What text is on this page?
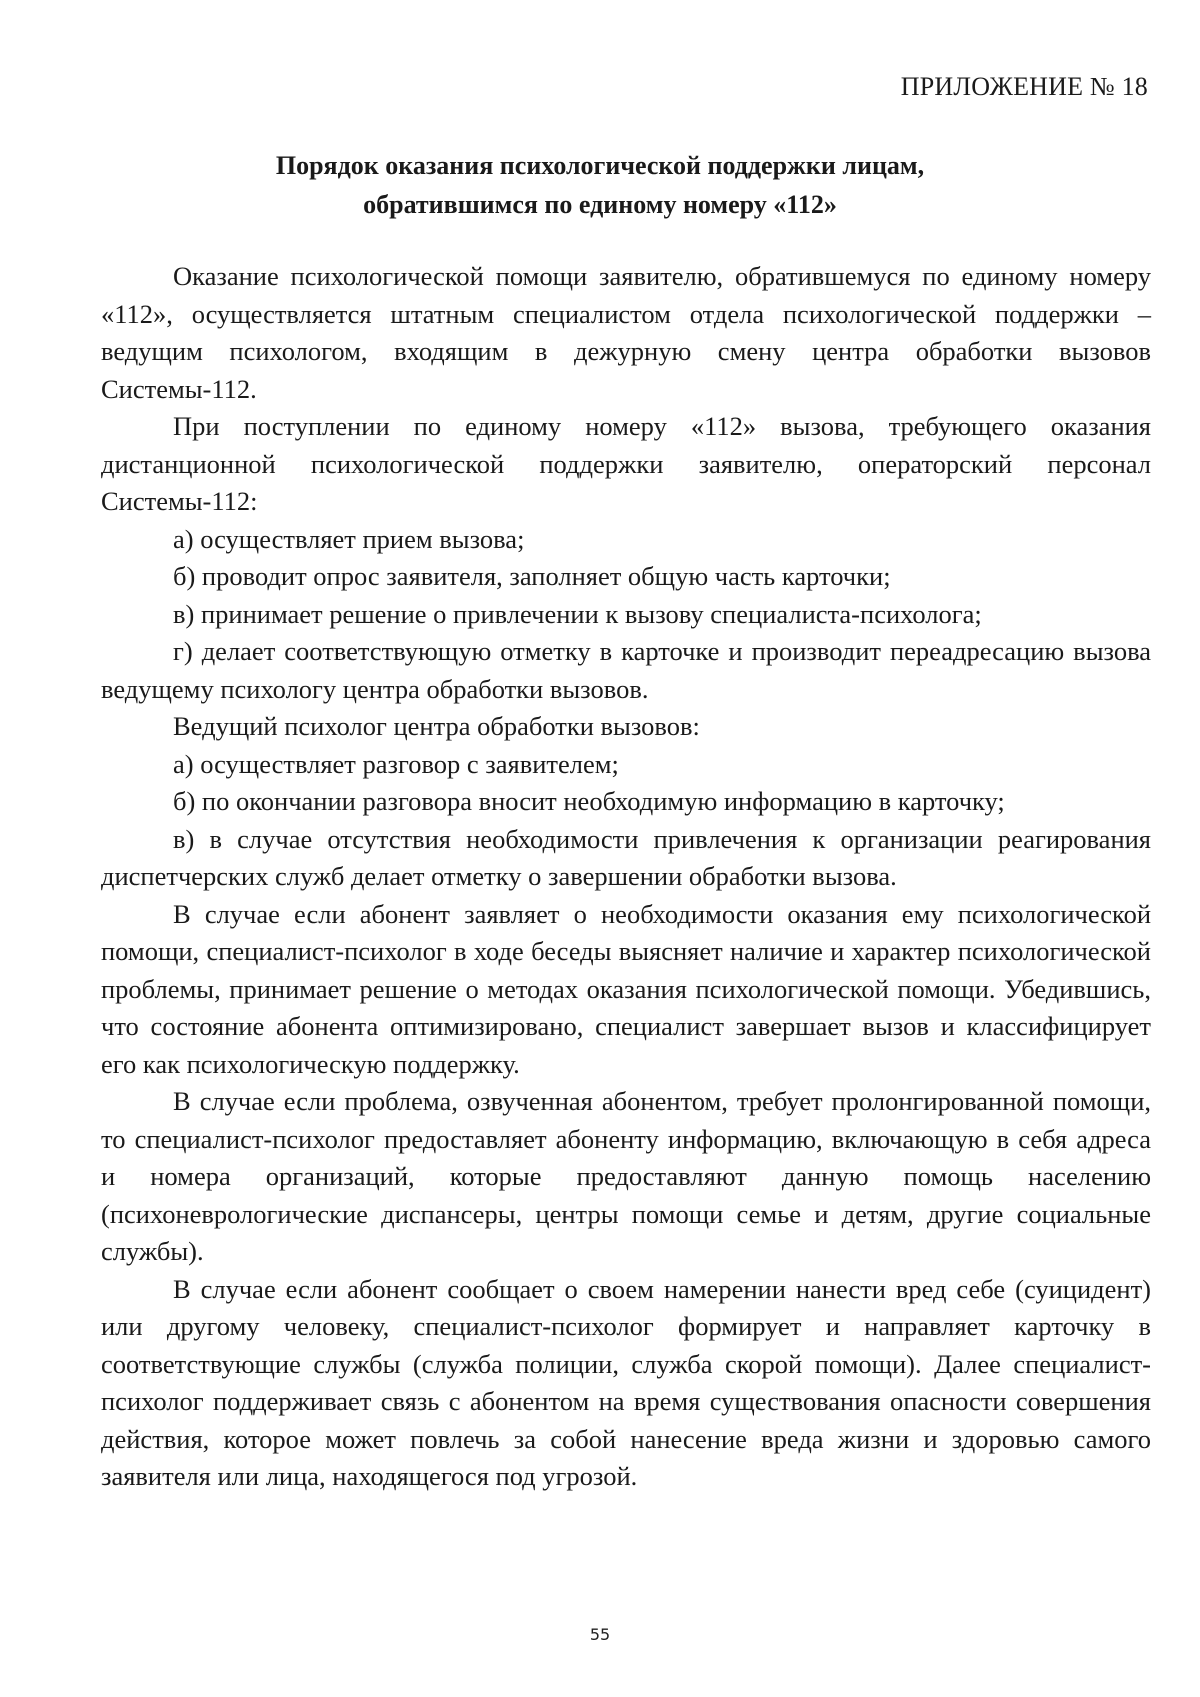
ПРИЛОЖЕНИЕ № 18
Порядок оказания психологической поддержки лицам,
обратившимся по единому номеру «112»

Оказание психологической помощи заявителю, обратившемуся по единому номеру «112», осуществляется штатным специалистом отдела психологической поддержки – ведущим психологом, входящим в дежурную смену центра обработки вызовов Системы-112.

При поступлении по единому номеру «112» вызова, требующего оказания дистанционной психологической поддержки заявителю, операторский персонал Системы-112:

а) осуществляет прием вызова;

б) проводит опрос заявителя, заполняет общую часть карточки;

в) принимает решение о привлечении к вызову специалиста-психолога;

г) делает соответствующую отметку в карточке и производит переадресацию вызова ведущему психологу центра обработки вызовов.

Ведущий психолог центра обработки вызовов:

а) осуществляет разговор с заявителем;

б) по окончании разговора вносит необходимую информацию в карточку;

в) в случае отсутствия необходимости привлечения к организации реагирования диспетчерских служб делает отметку о завершении обработки вызова.

В случае если абонент заявляет о необходимости оказания ему психологической помощи, специалист-психолог в ходе беседы выясняет наличие и характер психологической проблемы, принимает решение о методах оказания психологической помощи. Убедившись, что состояние абонента оптимизировано, специалист завершает вызов и классифицирует его как психологическую поддержку.

В случае если проблема, озвученная абонентом, требует пролонгированной помощи, то специалист-психолог предоставляет абоненту информацию, включающую в себя адреса и номера организаций, которые предоставляют данную помощь населению (психоневрологические диспансеры, центры помощи семье и детям, другие социальные службы).

В случае если абонент сообщает о своем намерении нанести вред себе (суицидент) или другому человеку, специалист-психолог формирует и направляет карточку в соответствующие службы (служба полиции, служба скорой помощи). Далее специалист-психолог поддерживает связь с абонентом на время существования опасности совершения действия, которое может повлечь за собой нанесение вреда жизни и здоровью самого заявителя или лица, находящегося под угрозой.

55
